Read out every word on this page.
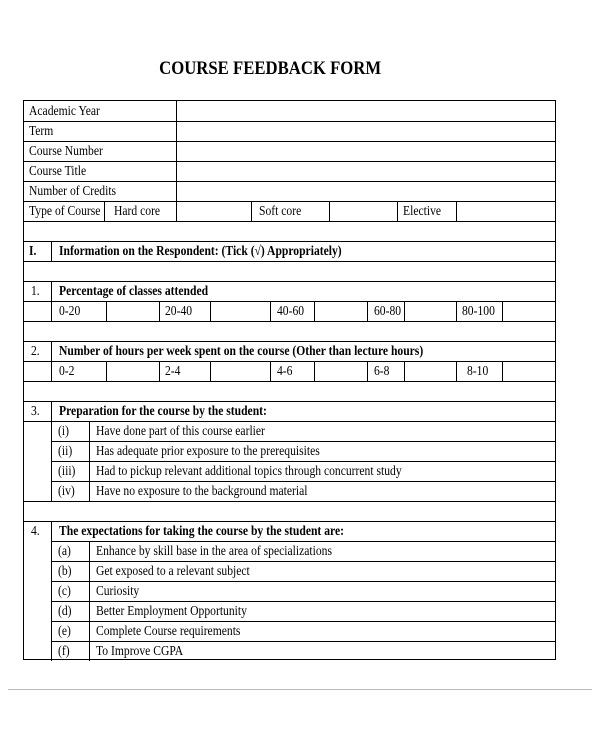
COURSE FEEDBACK FORM
Academic Year
Term
Course Number
Course Title
Number of Credits
Type of Course Hard core	Soft core	Elective
I. Information on the Respondent: (Tick (√) Appropriately)
1. Percentage of classes attended
0-20	20-40	40-60	60-80	80-100
2. Number of hours per week spent on the course (Other than lecture hours)
0-2	2-4	4-6	6-8	8-10
3. Preparation for the course by the student:
(i) Have done part of this course earlier
(ii) Has adequate prior exposure to the prerequisites
(iii) Had to pickup relevant additional topics through concurrent study
(iv) Have no exposure to the background material
4. The expectations for taking the course by the student are:
(a) Enhance by skill base in the area of specializations
(b) Get exposed to a relevant subject
(c) Curiosity
(d) Better Employment Opportunity
(e) Complete Course requirements
(f) To Improve CGPA
